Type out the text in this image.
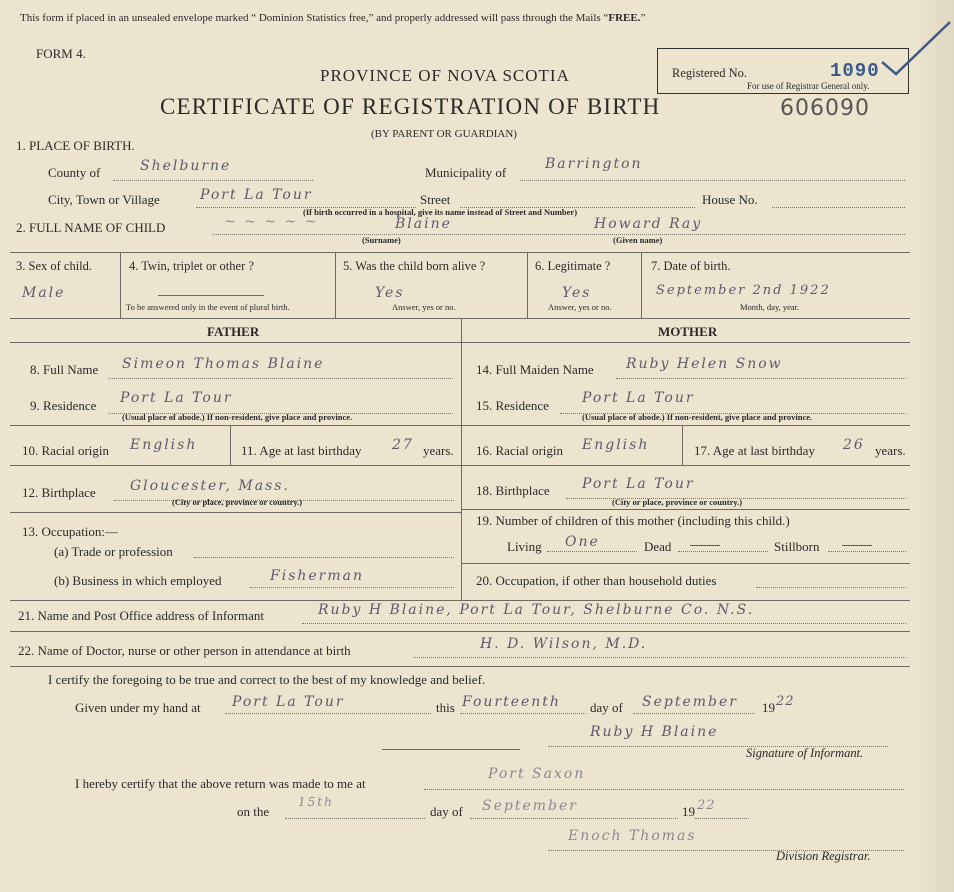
This form if placed in an unsealed envelope marked “ Dominion Statistics free,” and properly addressed will pass through the Mails “FREE.”
FORM 4.
PROVINCE OF NOVA SCOTIA
CERTIFICATE OF REGISTRATION OF BIRTH
(BY PARENT OR GUARDIAN)
Registered No.	1090
For use of Registrar General only.
606090
1. PLACE OF BIRTH.
County of	Shelburne	Municipality of
Barrington
City, Town or Village	Port La Tour	Street	House No.
(If birth occurred in a hospital, give its name instead of Street and Number)
2. FULL NAME OF CHILD	~ ~ ~ ~ ~	Blaine
(Surname)
Howard Ray
(Given name)
3. Sex of child.
Male
4. Twin, triplet or other ?
To be answered only in the event of plural birth.
5. Was the child born alive ?
Yes
Answer, yes or no.
6. Legitimate ?
Yes
Answer, yes or no.
7. Date of birth.
September 2nd 1922
Month, day, year.
FATHER
8. Full Name Simeon Thomas Blaine
9. Residence Port La Tour
(Usual place of abode.) If non-resident, give place and province.
10. Racial origin English	11. Age at last birthday 27 years.
12. Birthplace Gloucester, Mass.
(City or place, province or country.)
13. Occupation:—
(a) Trade or profession
(b) Business in which employed	Fisherman
MOTHER
14. Full Maiden Name Ruby Helen Snow
15. Residence Port La Tour
(Usual place of abode.) If non-resident, give place and province.
16. Racial origin English	17. Age at last birthday 26 years.
18. Birthplace Port La Tour
(City or place, province or country.)
19. Number of children of this mother (including this child.)
Living One	Dead	Stillborn
20. Occupation, if other than household duties
21. Name and Post Office address of Informant	Ruby H Blaine, Port La Tour, Shelburne Co. N.S.
22. Name of Doctor, nurse or other person in attendance at birth	H. D. Wilson, M.D.
I certify the foregoing to be true and correct to the best of my knowledge and belief.
Given under my hand at Port La Tour	this Fourteenth day of September 19 22
Ruby H Blaine
Signature of Informant.
I hereby certify that the above return was made to me at
Port Saxon
on the
15th
day of September	19 22
Enoch Thomas
Division Registrar.
